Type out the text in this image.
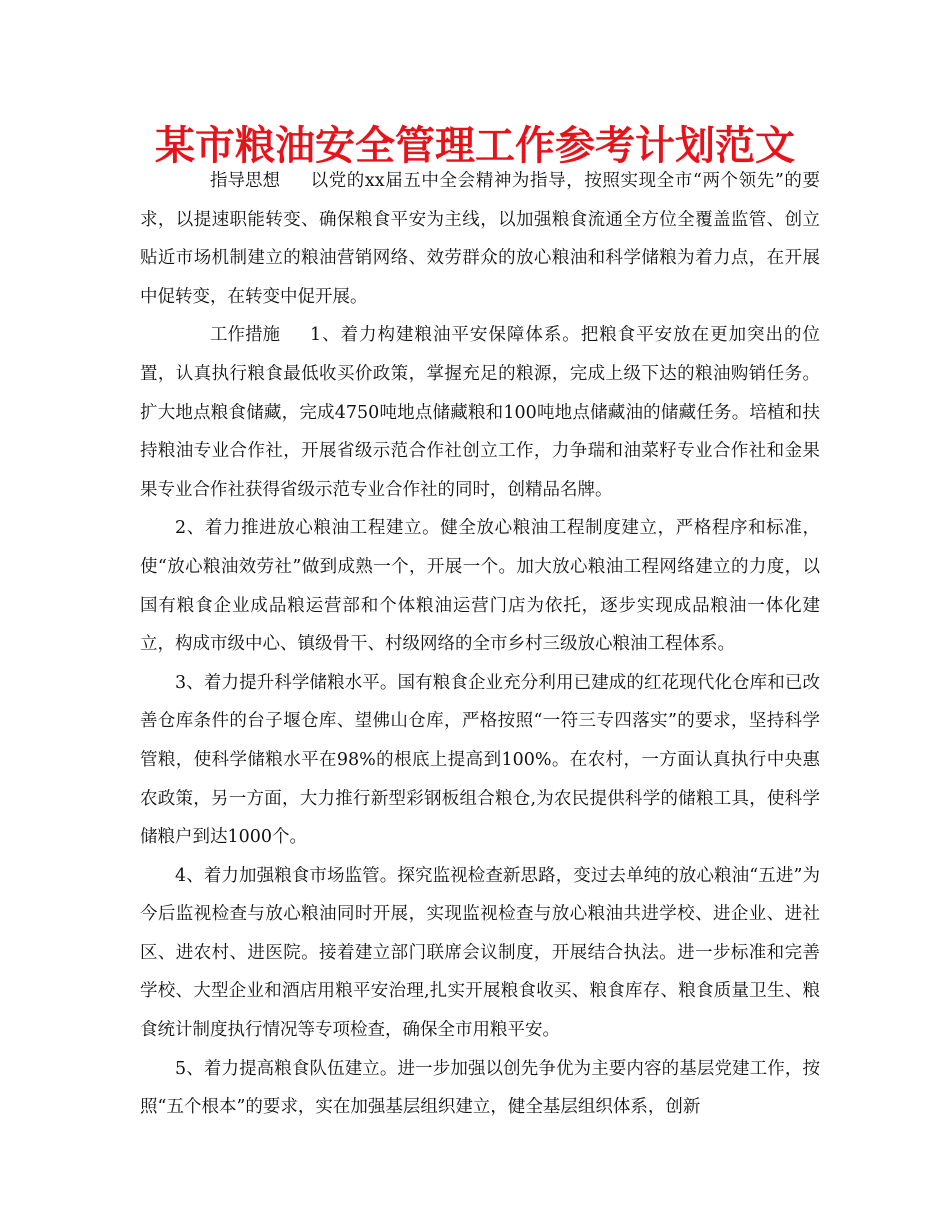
某市粮油安全管理工作参考计划范文

指导思想 以党的xx届五中全会精神为指导，按照实现全市“两个领先”的要求，以提速职能转变、确保粮食平安为主线，以加强粮食流通全方位全覆盖监管、创立贴近市场机制建立的粮油营销网络、效劳群众的放心粮油和科学储粮为着力点，在开展中促转变，在转变中促开展。

工作措施 1、着力构建粮油平安保障体系。把粮食平安放在更加突出的位置，认真执行粮食最低收买价政策，掌握充足的粮源，完成上级下达的粮油购销任务。扩大地点粮食储藏，完成4750吨地点储藏粮和100吨地点储藏油的储藏任务。培植和扶持粮油专业合作社，开展省级示范合作社创立工作，力争瑞和油菜籽专业合作社和金果果专业合作社获得省级示范专业合作社的同时，创精品名牌。

2、着力推进放心粮油工程建立。健全放心粮油工程制度建立，严格程序和标准，使“放心粮油效劳社”做到成熟一个，开展一个。加大放心粮油工程网络建立的力度，以国有粮食企业成品粮运营部和个体粮油运营门店为依托，逐步实现成品粮油一体化建立，构成市级中心、镇级骨干、村级网络的全市乡村三级放心粮油工程体系。

3、着力提升科学储粮水平。国有粮食企业充分利用已建成的红花现代化仓库和已改善仓库条件的台子堰仓库、望佛山仓库，严格按照“一符三专四落实”的要求，坚持科学管粮，使科学储粮水平在98%的根底上提高到100%。在农村，一方面认真执行中央惠农政策，另一方面，大力推行新型彩钢板组合粮仓,为农民提供科学的储粮工具，使科学储粮户到达1000个。

4、着力加强粮食市场监管。探究监视检查新思路，变过去单纯的放心粮油“五进”为今后监视检查与放心粮油同时开展，实现监视检查与放心粮油共进学校、进企业、进社区、进农村、进医院。接着建立部门联席会议制度，开展结合执法。进一步标准和完善学校、大型企业和酒店用粮平安治理,扎实开展粮食收买、粮食库存、粮食质量卫生、粮食统计制度执行情况等专项检查，确保全市用粮平安。

5、着力提高粮食队伍建立。进一步加强以创先争优为主要内容的基层党建工作，按照“五个根本”的要求，实在加强基层组织建立，健全基层组织体系，创新
